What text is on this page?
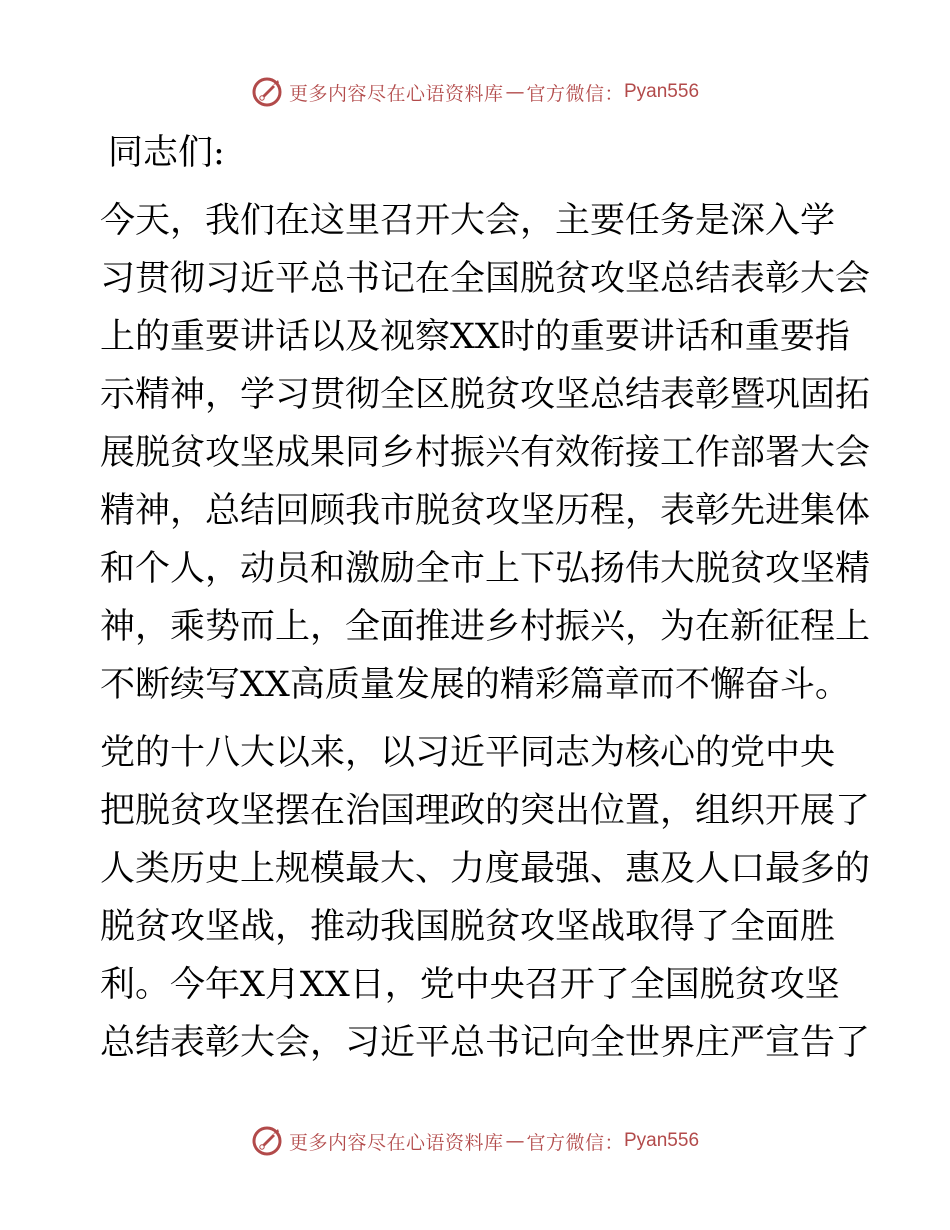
更多内容尽在心语资料库 — 官方微信： Pyan556
同志们:
今天，我们在这里召开大会，主要任务是深入学
习贯彻习近平总书记在全国脱贫攻坚总结表彰大会
上的重要讲话以及视察XX时的重要讲话和重要指
示精神，学习贯彻全区脱贫攻坚总结表彰暨巩固拓
展脱贫攻坚成果同乡村振兴有效衔接工作部署大会
精神，总结回顾我市脱贫攻坚历程，表彰先进集体
和个人，动员和激励全市上下弘扬伟大脱贫攻坚精
神，乘势而上，全面推进乡村振兴，为在新征程上
不断续写XX高质量发展的精彩篇章而不懈奋斗。
党的十八大以来，以习近平同志为核心的党中央
把脱贫攻坚摆在治国理政的突出位置，组织开展了
人类历史上规模最大、力度最强、惠及人口最多的
脱贫攻坚战，推动我国脱贫攻坚战取得了全面胜
利。今年X月XX日，党中央召开了全国脱贫攻坚
总结表彰大会，习近平总书记向全世界庄严宣告了
更多内容尽在心语资料库 — 官方微信： Pyan556
